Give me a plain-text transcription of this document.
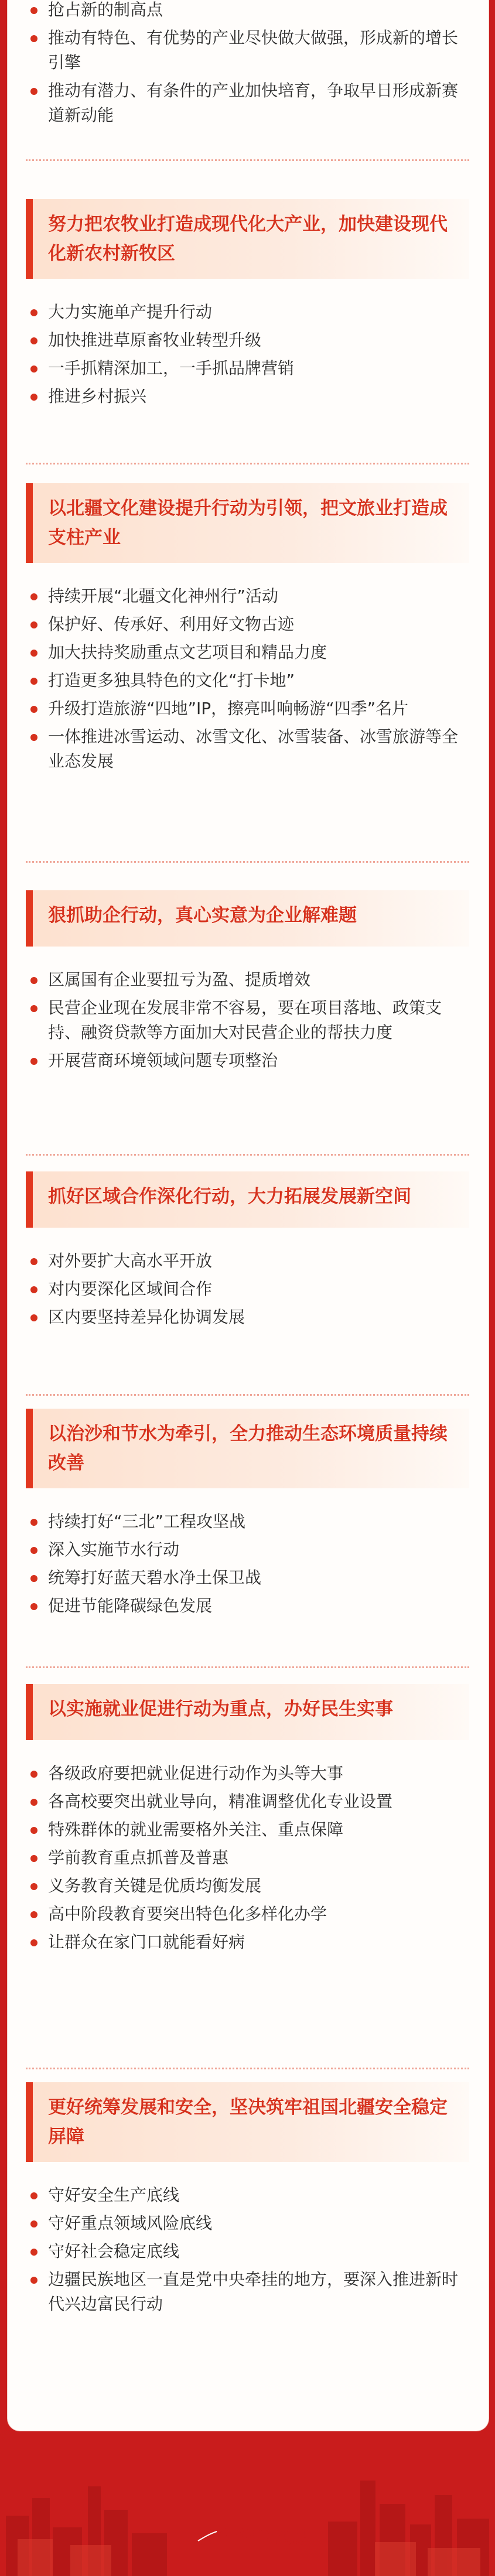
抢占新的制高点
推动有特色、有优势的产业尽快做大做强，形成新的增长引擎
推动有潜力、有条件的产业加快培育，争取早日形成新赛道新动能
努力把农牧业打造成现代化大产业，加快建设现代化新农村新牧区
大力实施单产提升行动
加快推进草原畜牧业转型升级
一手抓精深加工，一手抓品牌营销
推进乡村振兴
以北疆文化建设提升行动为引领，把文旅业打造成支柱产业
持续开展“北疆文化神州行”活动
保护好、传承好、利用好文物古迹
加大扶持奖励重点文艺项目和精品力度
打造更多独具特色的文化“打卡地”
升级打造旅游“四地”IP，擦亮叫响畅游“四季”名片
一体推进冰雪运动、冰雪文化、冰雪装备、冰雪旅游等全业态发展
狠抓助企行动，真心实意为企业解难题
区属国有企业要扭亏为盈、提质增效
民营企业现在发展非常不容易，要在项目落地、政策支持、融资贷款等方面加大对民营企业的帮扶力度
开展营商环境领域问题专项整治
抓好区域合作深化行动，大力拓展发展新空间
对外要扩大高水平开放
对内要深化区域间合作
区内要坚持差异化协调发展
以治沙和节水为牵引，全力推动生态环境质量持续改善
持续打好“三北”工程攻坚战
深入实施节水行动
统筹打好蓝天碧水净土保卫战
促进节能降碳绿色发展
以实施就业促进行动为重点，办好民生实事
各级政府要把就业促进行动作为头等大事
各高校要突出就业导向，精准调整优化专业设置
特殊群体的就业需要格外关注、重点保障
学前教育重点抓普及普惠
义务教育关键是优质均衡发展
高中阶段教育要突出特色化多样化办学
让群众在家门口就能看好病
更好统筹发展和安全，坚决筑牢祖国北疆安全稳定屏障
守好安全生产底线
守好重点领域风险底线
守好社会稳定底线
边疆民族地区一直是党中央牵挂的地方，要深入推进新时代兴边富民行动
奔腾融媒
